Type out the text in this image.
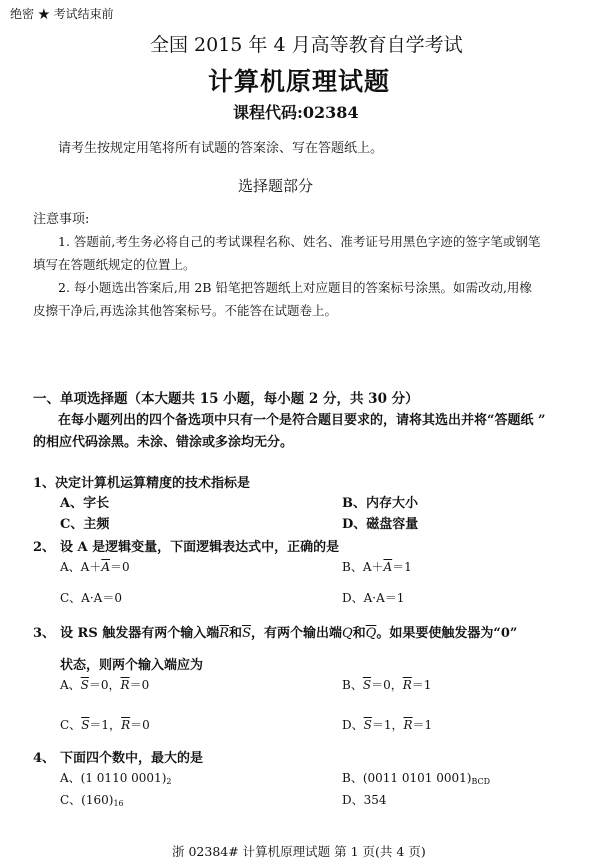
绝密 ★ 考试结束前
全国 2015 年 4 月高等教育自学考试
计算机原理试题
课程代码:02384
请考生按规定用笔将所有试题的答案涂、写在答题纸上。
选择题部分
注意事项:
1. 答题前,考生务必将自己的考试课程名称、姓名、准考证号用黑色字迹的签字笔或钢笔
填写在答题纸规定的位置上。
2. 每小题选出答案后,用 2B 铅笔把答题纸上对应题目的答案标号涂黑。如需改动,用橡
皮擦干净后,再选涂其他答案标号。不能答在试题卷上。
一、单项选择题（本大题共 15 小题，每小题 2 分，共 30 分）
在每小题列出的四个备选项中只有一个是符合题目要求的，请将其选出并将“答题纸 ”
的相应代码涂黑。未涂、错涂或多涂均无分。
1、决定计算机运算精度的技术指标是
A、字长	B、内存大小
C、主频	D、磁盘容量
2、 设 A 是逻辑变量，下面逻辑表达式中，正确的是
A、$A+\overline{A}=0$	B、$A+\overline{A}=1$
C、A·A＝0	D、A·A＝1
3、 设 RS 触发器有两个输入端$\overline{R}$和$\overline{S}$，有两个输出端Q和$\overline{Q}$。如果要使触发器为“0”
状态，则两个输入端应为
A、$\overline{S}=0$，$\overline{R}=0$	B、$\overline{S}=0$，$\overline{R}=1$
C、$\overline{S}=1$，$\overline{R}=0$	D、$\overline{S}=1$，$\overline{R}=1$
4、 下面四个数中，最大的是
A、(1 0110 $0001)_2$	B、(0011 0101 $0001)_{BCD}$
C、$(160)_{16}$	D、354
浙 02384# 计算机原理试题 第 1 页(共 4 页)
